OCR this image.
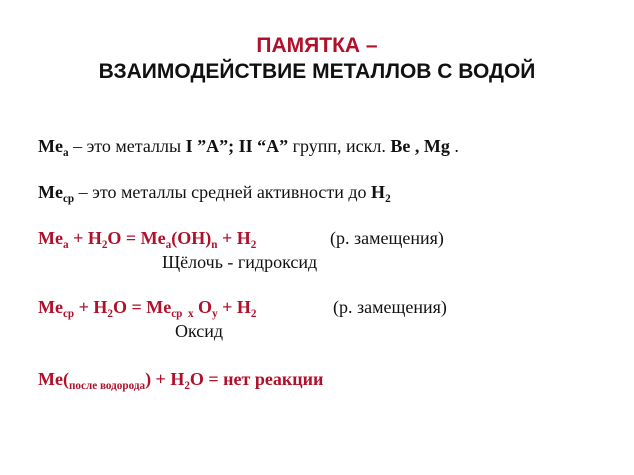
ПАМЯТКА –
ВЗАИМОДЕЙСТВИЕ МЕТАЛЛОВ С ВОДОЙ
$Me_a$ – это металлы I ”A”; II “A” групп, искл. Be , Mg .
$Me_{ср}$ – это металлы средней активности до $H_2$
$Me_a + H_2O = Me_a(OH)_n + H_2$	(р. замещения)
Щёлочь - гидроксид
$Me_{ср} + H_2O = Me_{ср x}$ $O_y + H_2$	(р. замещения)
Оксид
$Me(_{после водорода}) + H_2O$ = нет реакции
